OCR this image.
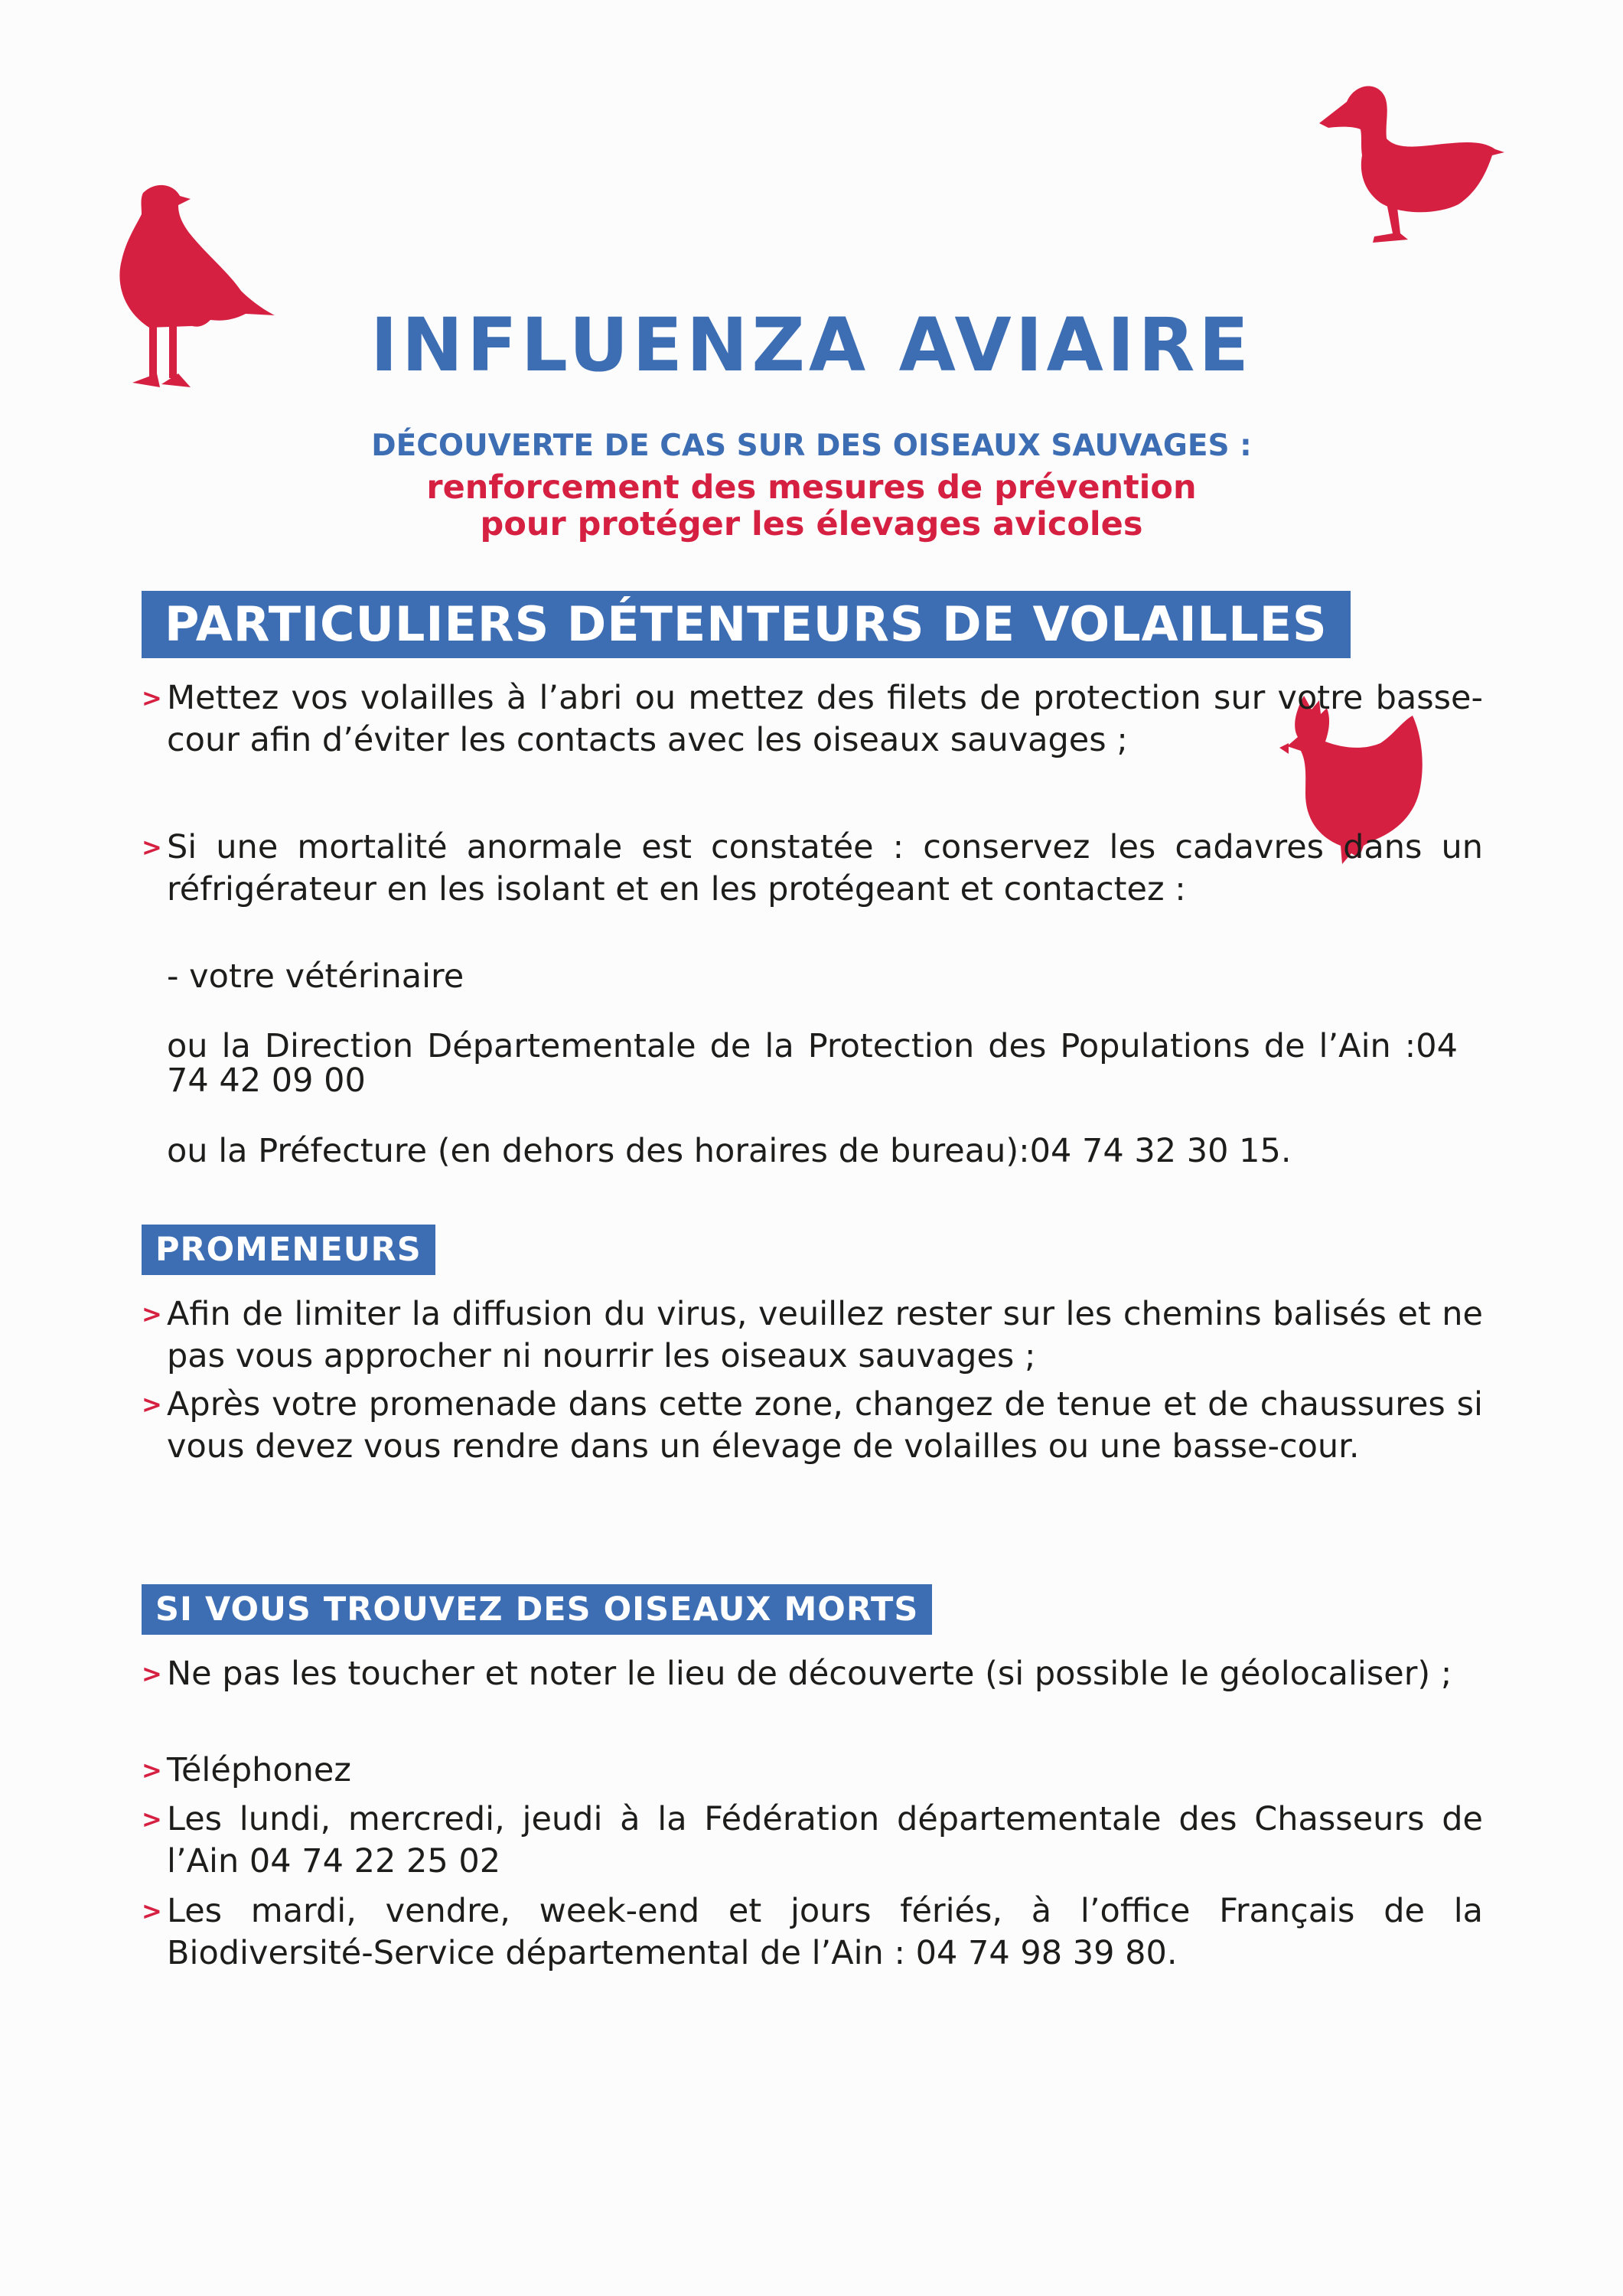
INFLUENZA AVIAIRE

DÉCOUVERTE DE CAS SUR DES OISEAUX SAUVAGES :

renforcement des mesures de prévention

pour protéger les élevages avicoles

PARTICULIERS DÉTENTEURS DE VOLAILLES
> Mettez vos volailles à l’abri ou mettez des filets de protection sur votre basse-cour afin d’éviter les contacts avec les oiseaux sauvages ;
> Si une mortalité anormale est constatée : conservez les cadavres dans un réfrigérateur en les isolant et en les protégeant et contactez :

- votre vétérinaire

ou la Direction Départementale de la Protection des Populations de l’Ain :04 74 42 09 00

ou la Préfecture (en dehors des horaires de bureau):04 74 32 30 15.

PROMENEURS
> Afin de limiter la diffusion du virus, veuillez rester sur les chemins balisés et ne pas vous approcher ni nourrir les oiseaux sauvages ;
> Après votre promenade dans cette zone, changez de tenue et de chaussures si vous devez vous rendre dans un élevage de volailles ou une basse-cour.
SI VOUS TROUVEZ DES OISEAUX MORTS
> Ne pas les toucher et noter le lieu de découverte (si possible le géolocaliser) ;
> Téléphonez
> Les lundi, mercredi, jeudi à la Fédération départementale des Chasseurs de l’Ain 04 74 22 25 02
> Les mardi, vendre, week-end et jours fériés, à l’office Français de la Biodiversité-Service départemental de l’Ain : 04 74 98 39 80.
